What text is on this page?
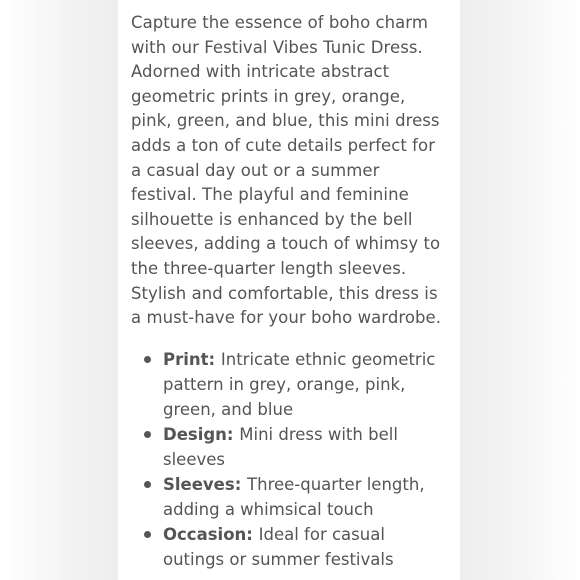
Capture the essence of boho charm with our Festival Vibes Tunic Dress. Adorned with intricate abstract geometric prints in grey, orange, pink, green, and blue, this mini dress adds a ton of cute details perfect for a casual day out or a summer festival. The playful and feminine silhouette is enhanced by the bell sleeves, adding a touch of whimsy to the three-quarter length sleeves. Stylish and comfortable, this dress is a must-have for your boho wardrobe.

Print: Intricate ethnic geometric pattern in grey, orange, pink, green, and blue
Design: Mini dress with bell sleeves
Sleeves: Three-quarter length, adding a whimsical touch
Occasion: Ideal for casual outings or summer festivals
